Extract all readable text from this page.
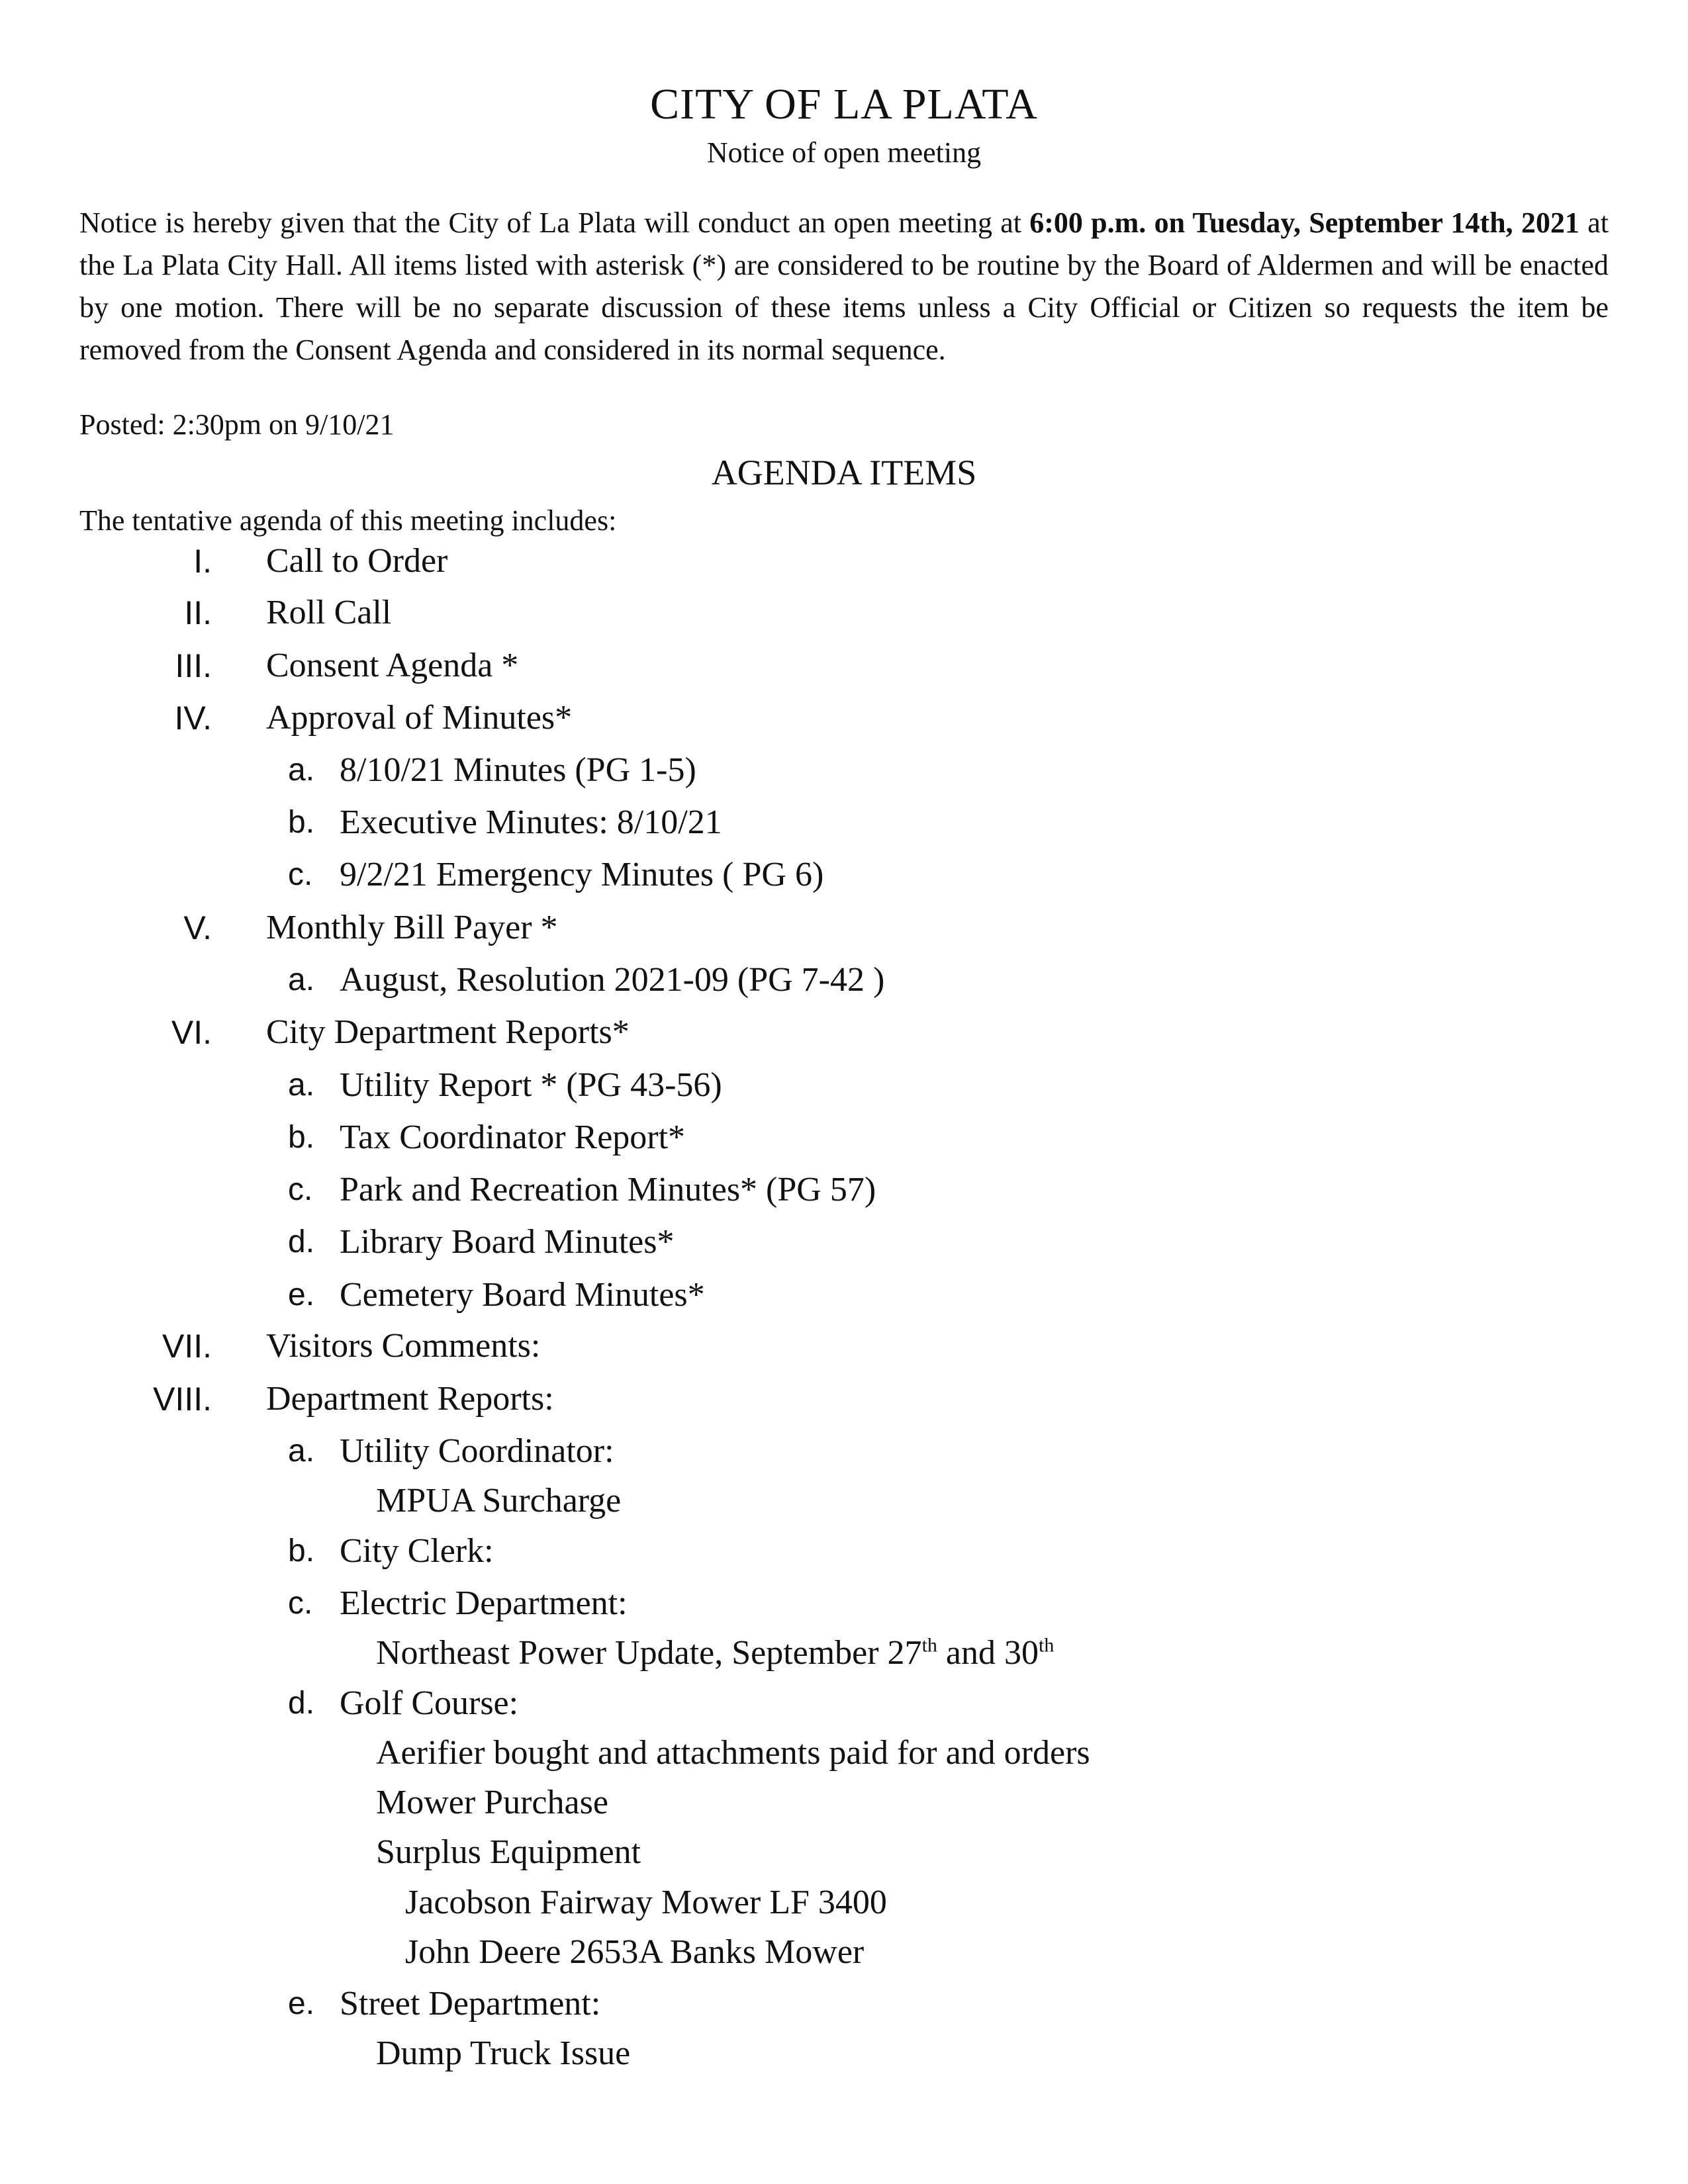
CITY OF LA PLATA
Notice of open meeting
Notice is hereby given that the City of La Plata will conduct an open meeting at 6:00 p.m. on Tuesday, September 14th, 2021 at the La Plata City Hall. All items listed with asterisk (*) are considered to be routine by the Board of Aldermen and will be enacted by one motion. There will be no separate discussion of these items unless a City Official or Citizen so requests the item be removed from the Consent Agenda and considered in its normal sequence.
Posted: 2:30pm on 9/10/21
AGENDA ITEMS
The tentative agenda of this meeting includes:
I. Call to Order
II. Roll Call
III. Consent Agenda *
IV. Approval of Minutes*
a. 8/10/21 Minutes (PG 1-5)
b. Executive Minutes: 8/10/21
c. 9/2/21 Emergency Minutes ( PG 6)
V. Monthly Bill Payer *
a. August, Resolution 2021-09 (PG 7-42 )
VI. City Department Reports*
a. Utility Report * (PG 43-56)
b. Tax Coordinator Report*
c. Park and Recreation Minutes* (PG 57)
d. Library Board Minutes*
e. Cemetery Board Minutes*
VII. Visitors Comments:
VIII. Department Reports:
a. Utility Coordinator:
MPUA Surcharge
b. City Clerk:
c. Electric Department:
Northeast Power Update, September 27th and 30th
d. Golf Course:
Aerifier bought and attachments paid for and orders
Mower Purchase
Surplus Equipment
Jacobson Fairway Mower LF 3400
John Deere 2653A Banks Mower
e. Street Department:
Dump Truck Issue
